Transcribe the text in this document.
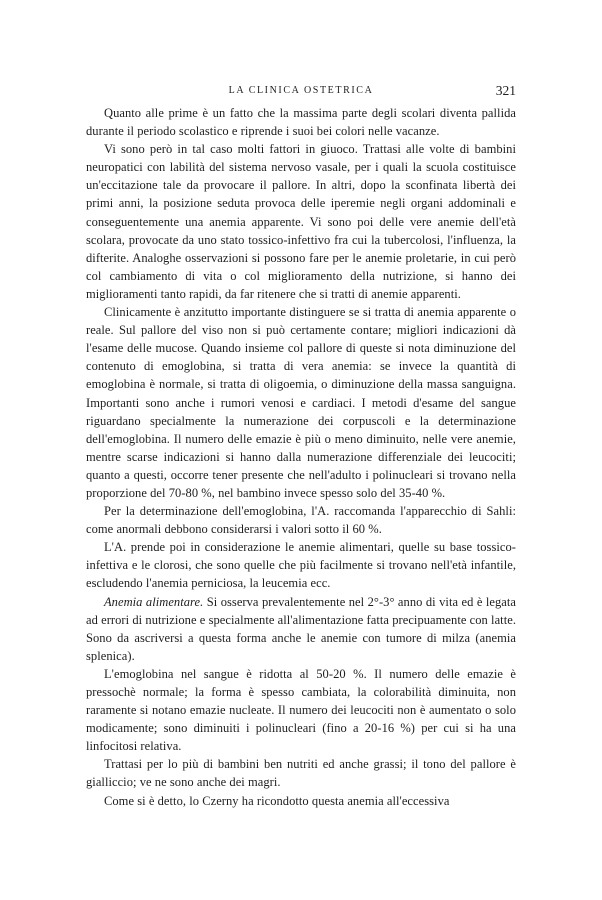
LA CLINICA OSTETRICA	321

Quanto alle prime è un fatto che la massima parte degli scolari diventa pallida durante il periodo scolastico e riprende i suoi bei colori nelle vacanze.

Vi sono però in tal caso molti fattori in giuoco. Trattasi alle volte di bambini neuropatici con labilità del sistema nervoso vasale, per i quali la scuola costituisce un'eccitazione tale da provocare il pallore. In altri, dopo la sconfinata libertà dei primi anni, la posizione seduta provoca delle iperemie negli organi addominali e conseguentemente una anemia apparente. Vi sono poi delle vere anemie dell'età scolara, provocate da uno stato tossico-infettivo fra cui la tubercolosi, l'influenza, la difterite. Analoghe osservazioni si possono fare per le anemie proletarie, in cui però col cambiamento di vita o col miglioramento della nutrizione, si hanno dei miglioramenti tanto rapidi, da far ritenere che si tratti di anemie apparenti.

Clinicamente è anzitutto importante distinguere se si tratta di anemia apparente o reale. Sul pallore del viso non si può certamente contare; migliori indicazioni dà l'esame delle mucose. Quando insieme col pallore di queste si nota diminuzione del contenuto di emoglobina, si tratta di vera anemia: se invece la quantità di emoglobina è normale, si tratta di oligoemia, o diminuzione della massa sanguigna. Importanti sono anche i rumori venosi e cardiaci. I metodi d'esame del sangue riguardano specialmente la numerazione dei corpuscoli e la determinazione dell'emoglobina. Il numero delle emazie è più o meno diminuito, nelle vere anemie, mentre scarse indicazioni si hanno dalla numerazione differenziale dei leucociti; quanto a questi, occorre tener presente che nell'adulto i polinucleari si trovano nella proporzione del 70-80 %, nel bambino invece spesso solo del 35-40 %.

Per la determinazione dell'emoglobina, l'A. raccomanda l'apparecchio di Sahli: come anormali debbono considerarsi i valori sotto il 60 %.

L'A. prende poi in considerazione le anemie alimentari, quelle su base tossico-infettiva e le clorosi, che sono quelle che più facilmente si trovano nell'età infantile, escludendo l'anemia perniciosa, la leucemia ecc.

Anemia alimentare. Si osserva prevalentemente nel 2°-3° anno di vita ed è legata ad errori di nutrizione e specialmente all'alimentazione fatta precipuamente con latte. Sono da ascriversi a questa forma anche le anemie con tumore di milza (anemia splenica).

L'emoglobina nel sangue è ridotta al 50-20 %. Il numero delle emazie è pressochè normale; la forma è spesso cambiata, la colorabilità diminuita, non raramente si notano emazie nucleate. Il numero dei leucociti non è aumentato o solo modicamente; sono diminuiti i polinucleari (fino a 20-16 %) per cui si ha una linfocitosi relativa.

Trattasi per lo più di bambini ben nutriti ed anche grassi; il tono del pallore è gialliccio; ve ne sono anche dei magri.

Come si è detto, lo Czerny ha ricondotto questa anemia all'eccessiva
